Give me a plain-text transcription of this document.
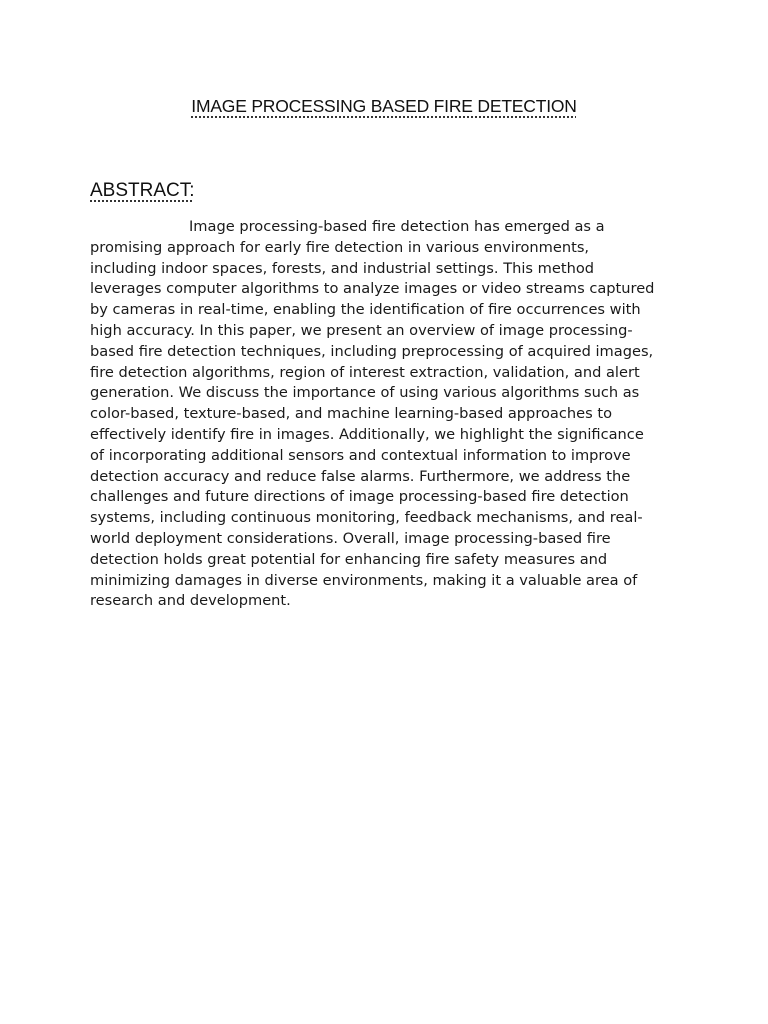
IMAGE PROCESSING BASED FIRE DETECTION
ABSTRACT:

Image processing-based fire detection has emerged as a
promising approach for early fire detection in various environments,
including indoor spaces, forests, and industrial settings. This method
leverages computer algorithms to analyze images or video streams captured
by cameras in real-time, enabling the identification of fire occurrences with
high accuracy. In this paper, we present an overview of image processing-
based fire detection techniques, including preprocessing of acquired images,
fire detection algorithms, region of interest extraction, validation, and alert
generation. We discuss the importance of using various algorithms such as
color-based, texture-based, and machine learning-based approaches to
effectively identify fire in images. Additionally, we highlight the significance
of incorporating additional sensors and contextual information to improve
detection accuracy and reduce false alarms. Furthermore, we address the
challenges and future directions of image processing-based fire detection
systems, including continuous monitoring, feedback mechanisms, and real-
world deployment considerations. Overall, image processing-based fire
detection holds great potential for enhancing fire safety measures and
minimizing damages in diverse environments, making it a valuable area of
research and development.
